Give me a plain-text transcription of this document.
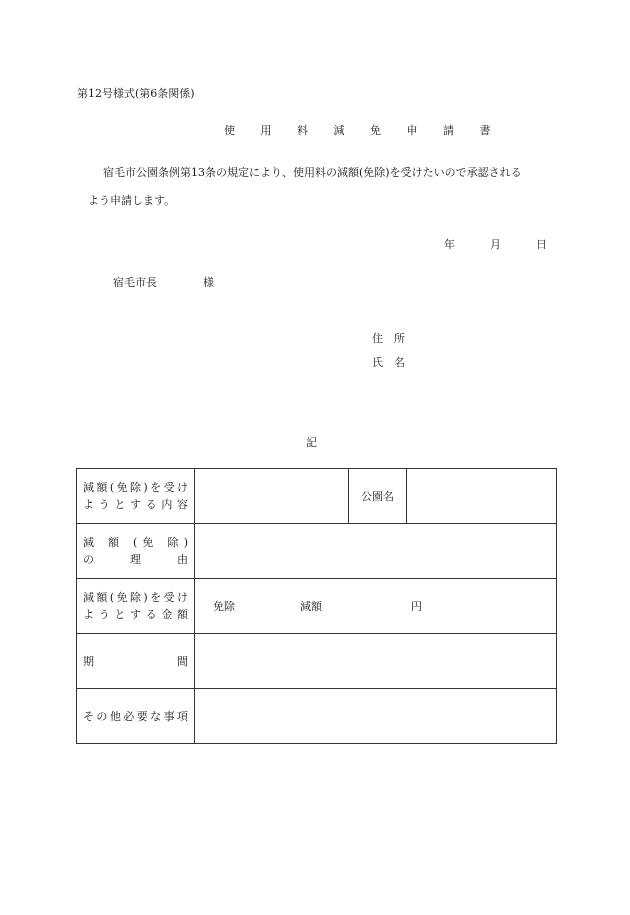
第12号様式(第6条関係)
使 用 料 減 免 申 請 書
宿毛市公園条例第13条の規定により、使用料の減額(免除)を受けたいので承認される
よう申請します。
年	月	日
宿毛市長	様
住　所
氏　名
記
減額(免除)を受け
ようとする内容		公園名	

減 額 (免 除)
の 理 由			

減額(免除)を受け
ようとする金額	免除 減額 円		

期 間			

その他必要な事項			
